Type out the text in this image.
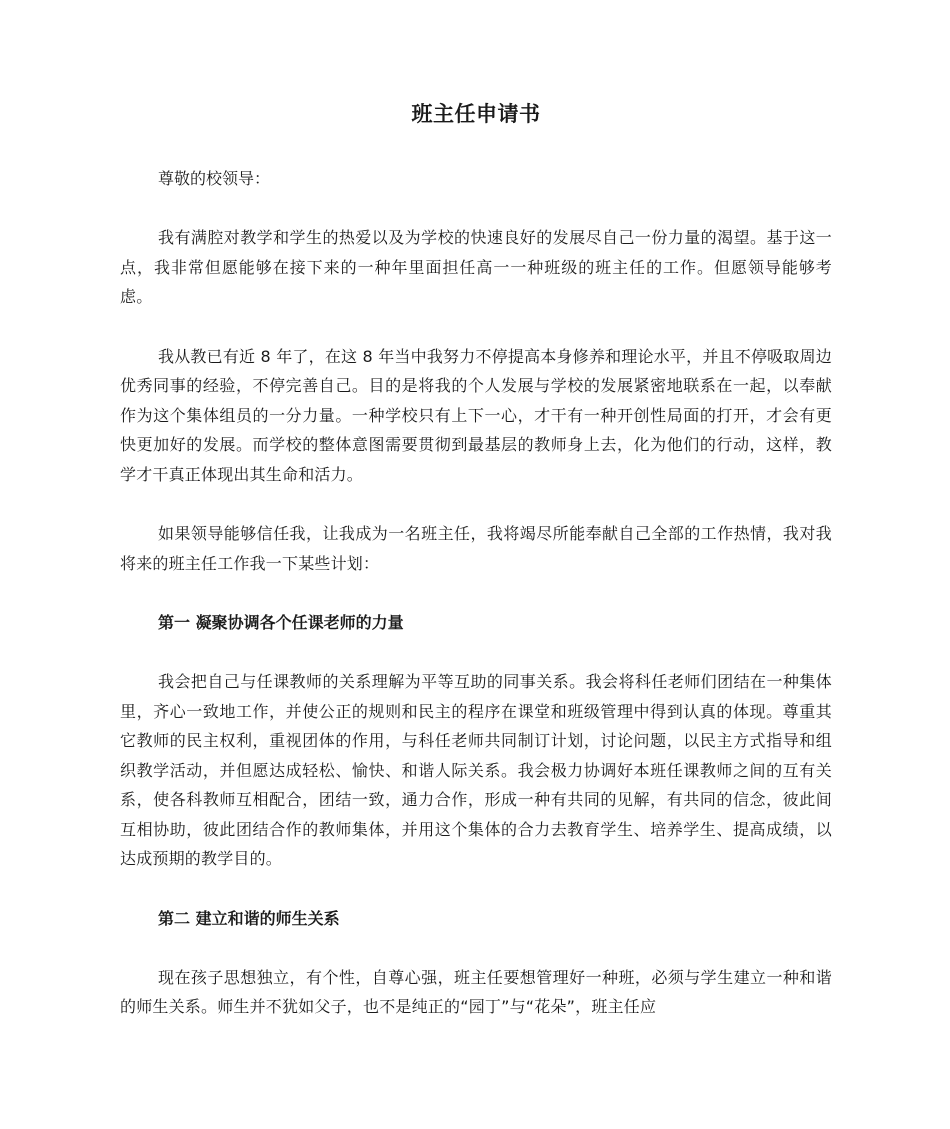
班主任申请书

尊敬的校领导：

我有满腔对教学和学生的热爱以及为学校的快速良好的发展尽自己一份力量的渴望。基于这一点，我非常但愿能够在接下来的一种年里面担任高一一种班级的班主任的工作。但愿领导能够考虑。

我从教已有近 8 年了，在这 8 年当中我努力不停提高本身修养和理论水平，并且不停吸取周边优秀同事的经验，不停完善自己。目的是将我的个人发展与学校的发展紧密地联系在一起，以奉献作为这个集体组员的一分力量。一种学校只有上下一心，才干有一种开创性局面的打开，才会有更快更加好的发展。而学校的整体意图需要贯彻到最基层的教师身上去，化为他们的行动，这样，教学才干真正体现出其生命和活力。

如果领导能够信任我，让我成为一名班主任，我将竭尽所能奉献自己全部的工作热情，我对我将来的班主任工作我一下某些计划：

第一 凝聚协调各个任课老师的力量

我会把自己与任课教师的关系理解为平等互助的同事关系。我会将科任老师们团结在一种集体里，齐心一致地工作，并使公正的规则和民主的程序在课堂和班级管理中得到认真的体现。尊重其它教师的民主权利，重视团体的作用，与科任老师共同制订计划，讨论问题，以民主方式指导和组织教学活动，并但愿达成轻松、愉快、和谐人际关系。我会极力协调好本班任课教师之间的互有关系，使各科教师互相配合，团结一致，通力合作，形成一种有共同的见解，有共同的信念，彼此间互相协助，彼此团结合作的教师集体，并用这个集体的合力去教育学生、培养学生、提高成绩，以达成预期的教学目的。

第二 建立和谐的师生关系

现在孩子思想独立，有个性，自尊心强，班主任要想管理好一种班，必须与学生建立一种和谐的师生关系。师生并不犹如父子，也不是纯正的“园丁”与“花朵”，班主任应
